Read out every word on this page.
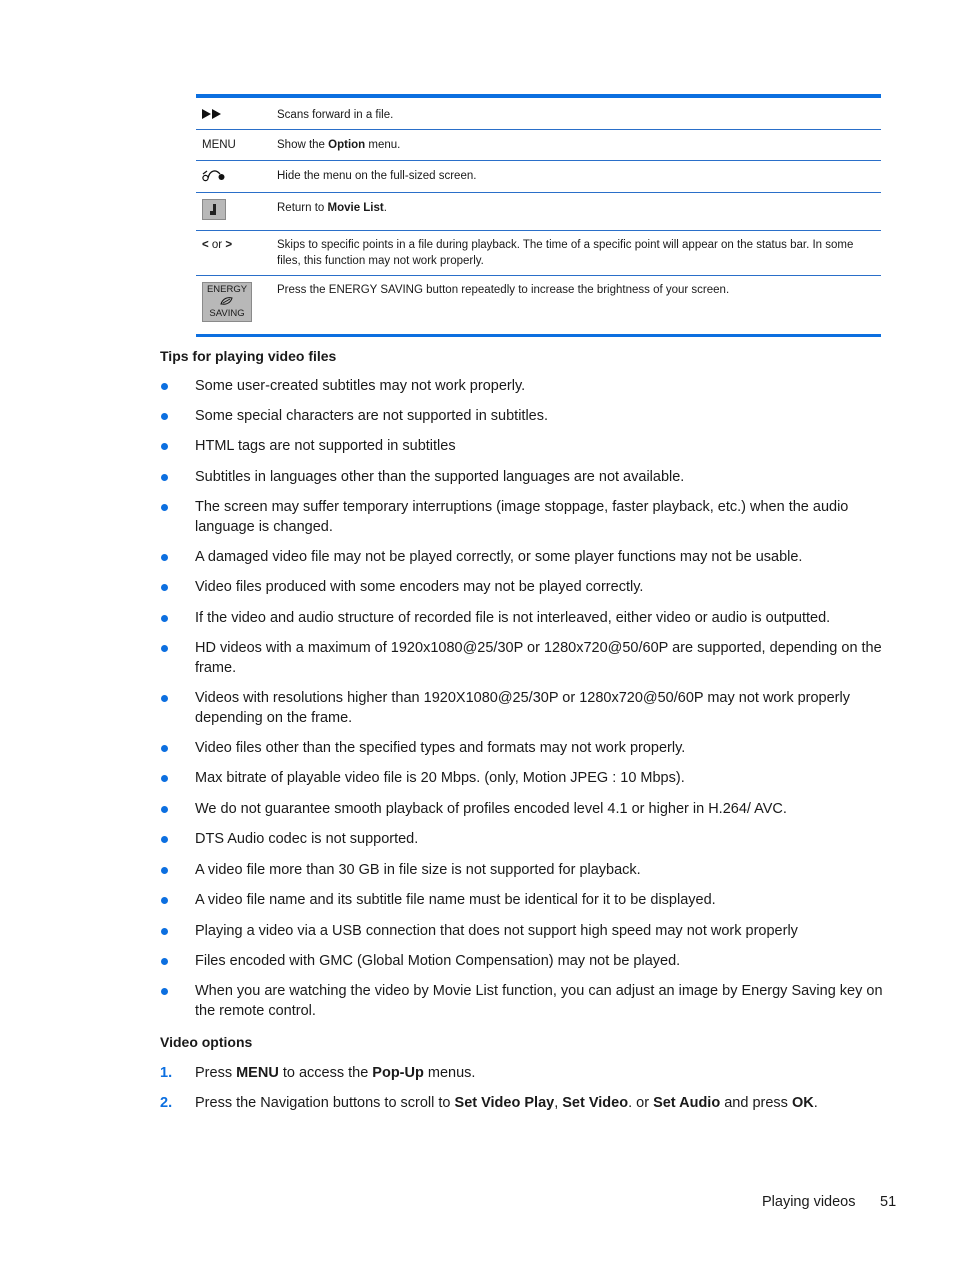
Scans forward in a file.
MENU	Show the Option menu.
Hide the menu on the full-sized screen.
Return to Movie List.
< or >	Skips to specific points in a file during playback. The time of a specific point will appear on the status bar. In some files, this function may not work properly.
ENERGY
SAVING
Press the ENERGY SAVING button repeatedly to increase the brightness of your screen.
Tips for playing video files
Some user-created subtitles may not work properly.
Some special characters are not supported in subtitles.
HTML tags are not supported in subtitles
Subtitles in languages other than the supported languages are not available.
The screen may suffer temporary interruptions (image stoppage, faster playback, etc.) when the audio language is changed.
A damaged video file may not be played correctly, or some player functions may not be usable.
Video files produced with some encoders may not be played correctly.
If the video and audio structure of recorded file is not interleaved, either video or audio is outputted.
HD videos with a maximum of 1920x1080@25/30P or 1280x720@50/60P are supported, depending on the frame.
Videos with resolutions higher than 1920X1080@25/30P or 1280x720@50/60P may not work properly depending on the frame.
Video files other than the specified types and formats may not work properly.
Max bitrate of playable video file is 20 Mbps. (only, Motion JPEG : 10 Mbps).
We do not guarantee smooth playback of profiles encoded level 4.1 or higher in H.264/ AVC.
DTS Audio codec is not supported.
A video file more than 30 GB in file size is not supported for playback.
A video file name and its subtitle file name must be identical for it to be displayed.
Playing a video via a USB connection that does not support high speed may not work properly
Files encoded with GMC (Global Motion Compensation) may not be played.
When you are watching the video by Movie List function, you can adjust an image by Energy Saving key on the remote control.
Video options
1. Press MENU to access the Pop-Up menus.
2. Press the Navigation buttons to scroll to Set Video Play, Set Video. or Set Audio and press OK.
Playing videos 51
